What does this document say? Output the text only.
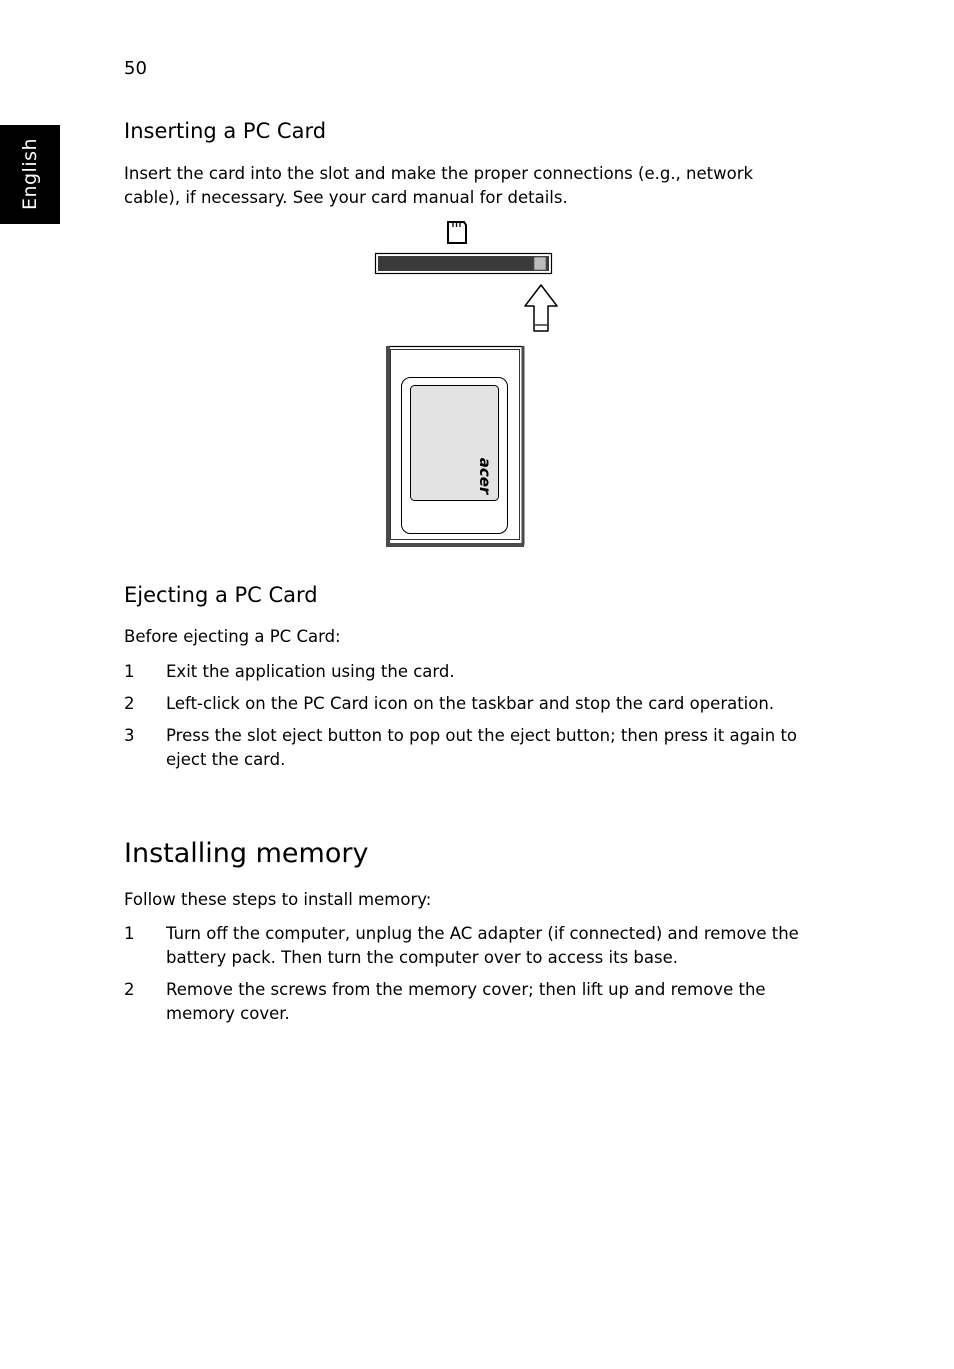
50
English
Inserting a PC Card
Insert the card into the slot and make the proper connections (e.g., network cable), if necessary. See your card manual for details.
acer
Ejecting a PC Card
Before ejecting a PC Card:
1 Exit the application using the card.
2 Left-click on the PC Card icon on the taskbar and stop the card operation.
3 Press the slot eject button to pop out the eject button; then press it again to eject the card.
Installing memory
Follow these steps to install memory:
1 Turn off the computer, unplug the AC adapter (if connected) and remove the battery pack. Then turn the computer over to access its base.
2 Remove the screws from the memory cover; then lift up and remove the memory cover.
